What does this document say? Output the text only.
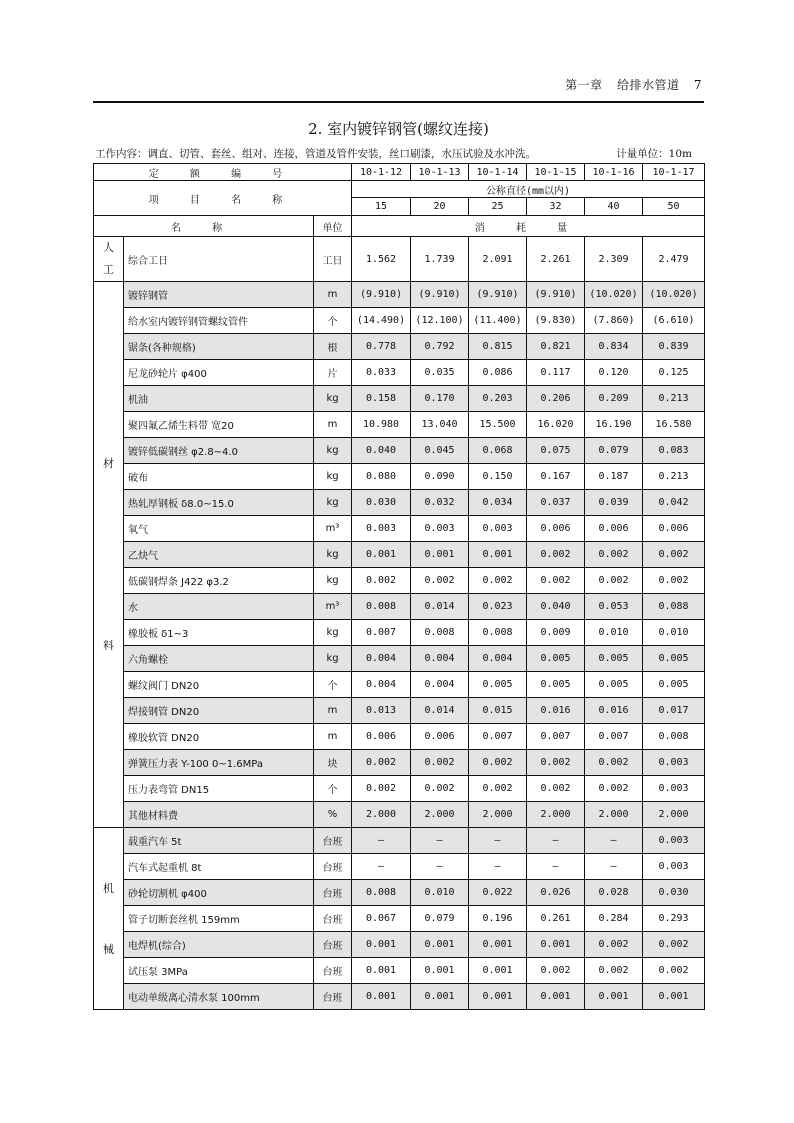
第一章 给排水管道 7
2. 室内镀锌钢管(螺纹连接)
工作内容：调直、切管、套丝、组对、连接，管道及管件安装，丝口刷漆，水压试验及水冲洗。	计量单位：10m
定 额 编 号			10-1-12	10-1-13	10-1-14	10-1-15	10-1-16	10-1-17
项 目 名 称			公称直径(mm以内)					
			15	20	25	32	40	50
名 称		单位	消 耗 量					

人
工	综合工日	工日	1.562	1.739	2.091	2.261	2.309	2.479

材
料	镀锌钢管	m	(9.910)	(9.910)	(9.910)	(9.910)	(10.020)	(10.020)
	给水室内镀锌钢管螺纹管件	个	(14.490)	(12.100)	(11.400)	(9.830)	(7.860)	(6.610)
	锯条(各种规格)	根	0.778	0.792	0.815	0.821	0.834	0.839
	尼龙砂轮片 φ400	片	0.033	0.035	0.086	0.117	0.120	0.125
	机油	kg	0.158	0.170	0.203	0.206	0.209	0.213
	聚四氟乙烯生料带 宽20	m	10.980	13.040	15.500	16.020	16.190	16.580
	镀锌低碳钢丝 φ2.8~4.0	kg	0.040	0.045	0.068	0.075	0.079	0.083
	破布	kg	0.080	0.090	0.150	0.167	0.187	0.213
	热轧厚钢板 δ8.0~15.0	kg	0.030	0.032	0.034	0.037	0.039	0.042
	氧气	m³	0.003	0.003	0.003	0.006	0.006	0.006
	乙炔气	kg	0.001	0.001	0.001	0.002	0.002	0.002
	低碳钢焊条 J422 φ3.2	kg	0.002	0.002	0.002	0.002	0.002	0.002
	水	m³	0.008	0.014	0.023	0.040	0.053	0.088
	橡胶板 δ1~3	kg	0.007	0.008	0.008	0.009	0.010	0.010
	六角螺栓	kg	0.004	0.004	0.004	0.005	0.005	0.005
	螺纹阀门 DN20	个	0.004	0.004	0.005	0.005	0.005	0.005
	焊接钢管 DN20	m	0.013	0.014	0.015	0.016	0.016	0.017
	橡胶软管 DN20	m	0.006	0.006	0.007	0.007	0.007	0.008
	弹簧压力表 Y-100 0~1.6MPa	块	0.002	0.002	0.002	0.002	0.002	0.003
	压力表弯管 DN15	个	0.002	0.002	0.002	0.002	0.002	0.003
	其他材料费	%	2.000	2.000	2.000	2.000	2.000	2.000

机
械	载重汽车 5t	台班	—	—	—	—	—	0.003
	汽车式起重机 8t	台班	—	—	—	—	—	0.003
	砂轮切割机 φ400	台班	0.008	0.010	0.022	0.026	0.028	0.030
	管子切断套丝机 159mm	台班	0.067	0.079	0.196	0.261	0.284	0.293
	电焊机(综合)	台班	0.001	0.001	0.001	0.001	0.002	0.002
	试压泵 3MPa	台班	0.001	0.001	0.001	0.002	0.002	0.002
	电动单级离心清水泵 100mm	台班	0.001	0.001	0.001	0.001	0.001	0.001
